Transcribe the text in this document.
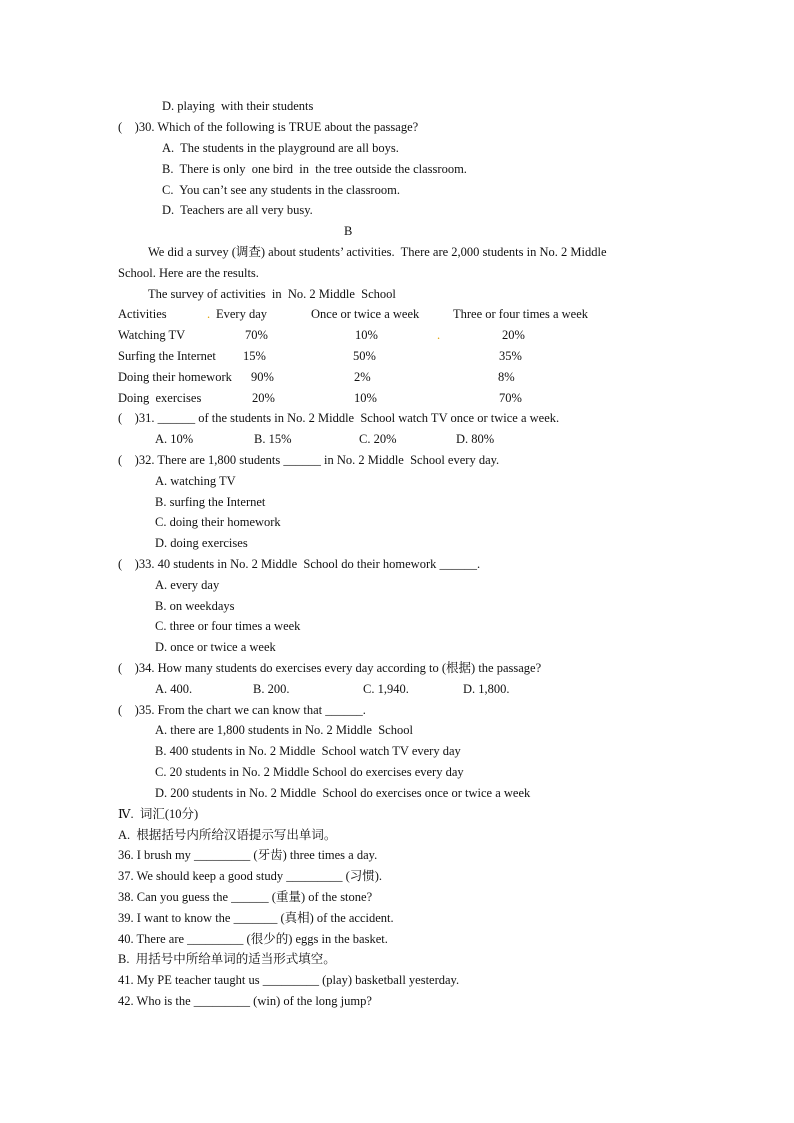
D. playing  with their students
(    )30. Which of the following is TRUE about the passage?
A.  The students in the playground are all boys.
B.  There is only  one bird  in  the tree outside the classroom.
C.  You can’t see any students in the classroom.
D.  Teachers are all very busy.
B
We did a survey (调查) about students’ activities.  There are 2,000 students in No. 2 Middle
School. Here are the results.
The survey of activities  in  No. 2 Middle  School
Activities	. Every day	Once or twice a week	Three or four times a week
Watching TV	70%	10%	.	20%
Surfing the Internet 15%	50%	35%
Doing their homework 90%	2%	8%
Doing  exercises	20%	10%	70%
(    )31. ______ of the students in No. 2 Middle  School watch TV once or twice a week.
A. 10%	B. 15%	C. 20%	D. 80%
(    )32. There are 1,800 students ______ in No. 2 Middle  School every day.
A. watching TV
B. surfing the Internet
C. doing their homework
D. doing exercises
(    )33. 40 students in No. 2 Middle  School do their homework ______.
A. every day
B. on weekdays
C. three or four times a week
D. once or twice a week
(    )34. How many students do exercises every day according to (根据) the passage?
A. 400.	B. 200.	C. 1,940.	D. 1,800.
(    )35. From the chart we can know that ______.
A. there are 1,800 students in No. 2 Middle  School
B. 400 students in No. 2 Middle  School watch TV every day
C. 20 students in No. 2 Middle School do exercises every day
D. 200 students in No. 2 Middle  School do exercises once or twice a week
Ⅳ.  词汇(10分)
A.  根据括号内所给汉语提示写出单词。
36. I brush my _________ (牙齿) three times a day.
37. We should keep a good study _________ (习惯).
38. Can you guess the ______ (重量) of the stone?
39. I want to know the _______ (真相) of the accident.
40. There are _________ (很少的) eggs in the basket.
B.  用括号中所给单词的适当形式填空。
41. My PE teacher taught us _________ (play) basketball yesterday.
42. Who is the _________ (win) of the long jump?
